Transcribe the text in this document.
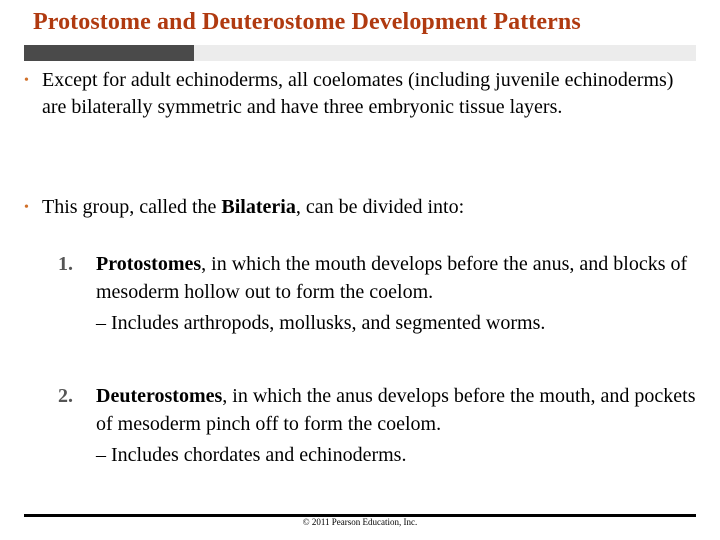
Protostome and Deuterostome Development Patterns
• Except for adult echinoderms, all coelomates (including juvenile echinoderms) are bilaterally symmetric and have three embryonic tissue layers.
• This group, called the Bilateria, can be divided into:
1. Protostomes, in which the mouth develops before the anus, and blocks of mesoderm hollow out to form the coelom.
– Includes arthropods, mollusks, and segmented worms.
2. Deuterostomes, in which the anus develops before the mouth, and pockets of mesoderm pinch off to form the coelom.
– Includes chordates and echinoderms.
© 2011 Pearson Education, Inc.
